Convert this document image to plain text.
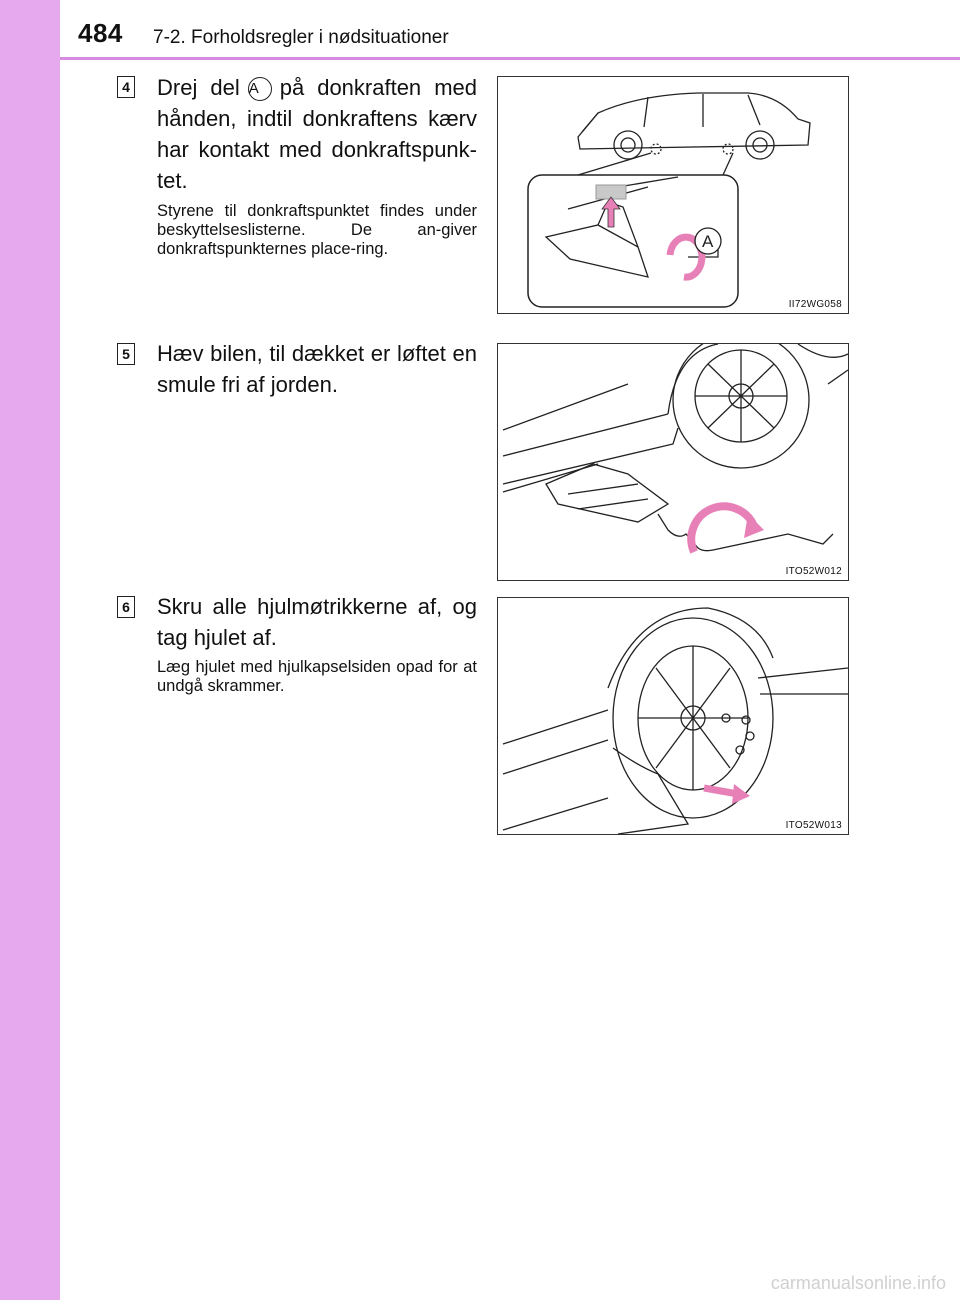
484 7-2. Forholdsregler i nødsituationer
4 Drej del A på donkraften med hånden, indtil donkraftens kærv har kontakt med donkraftspunk-tet.
Styrene til donkraftspunktet findes under beskyttelseslisterne. De an-giver donkraftspunkternes place-ring.	A
II72WG058
5 Hæv bilen, til dækket er løftet en smule fri af jorden.
ITO52W012
6 Skru alle hjulmøtrikkerne af, og tag hjulet af.
Læg hjulet med hjulkapselsiden opad for at undgå skrammer.
ITO52W013
carmanualsonline.info
